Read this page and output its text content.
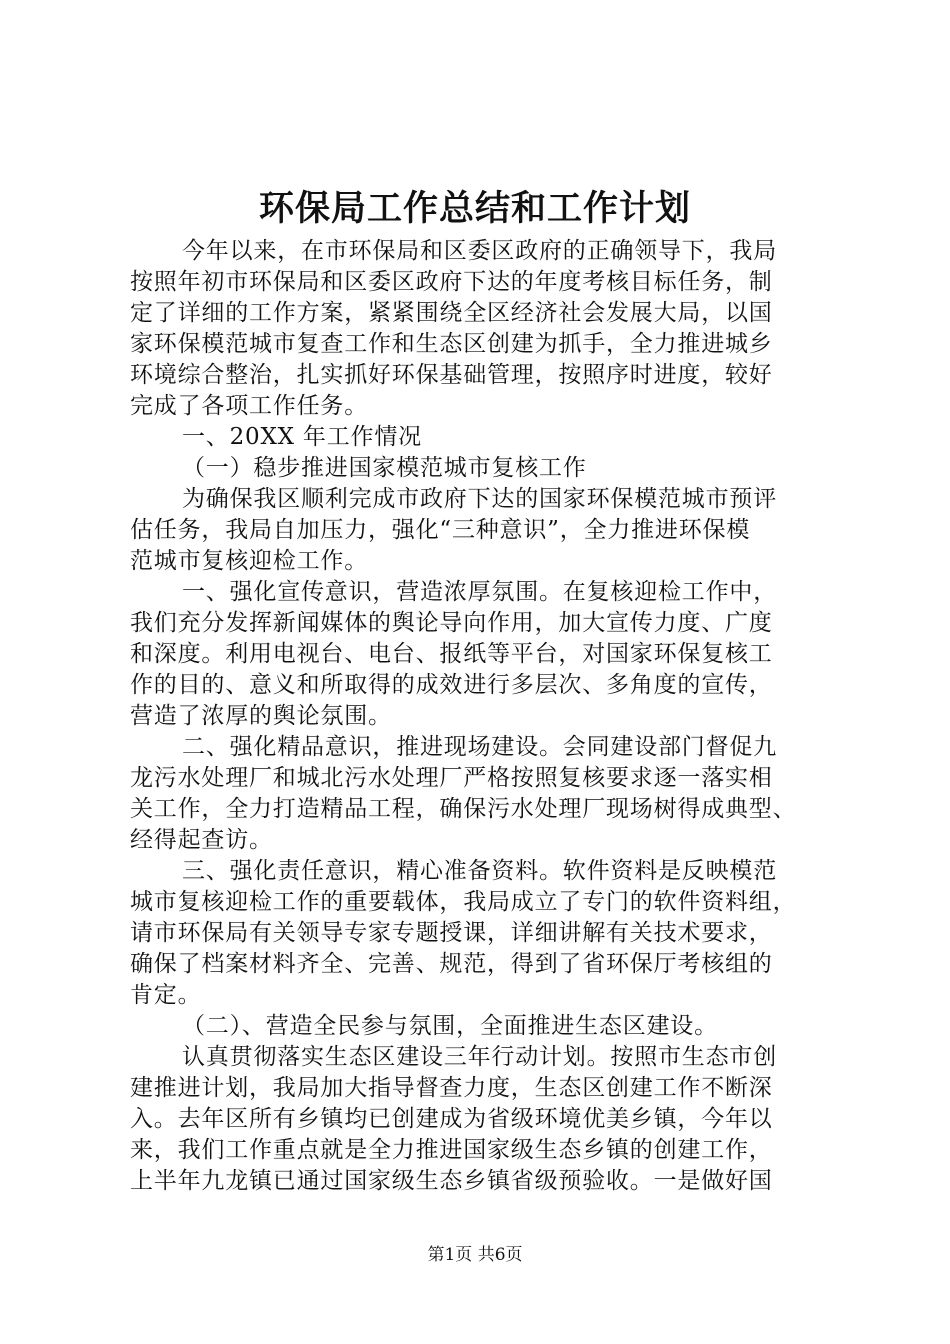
环保局工作总结和工作计划
今年以来，在市环保局和区委区政府的正确领导下，我局
按照年初市环保局和区委区政府下达的年度考核目标任务，制
定了详细的工作方案，紧紧围绕全区经济社会发展大局，以国
家环保模范城市复查工作和生态区创建为抓手，全力推进城乡
环境综合整治，扎实抓好环保基础管理，按照序时进度，较好
完成了各项工作任务。
一、20XX 年工作情况
（一）稳步推进国家模范城市复核工作
为确保我区顺利完成市政府下达的国家环保模范城市预评
估任务，我局自加压力，强化“三种意识”，全力推进环保模
范城市复核迎检工作。
一、强化宣传意识，营造浓厚氛围。在复核迎检工作中，
我们充分发挥新闻媒体的舆论导向作用，加大宣传力度、广度
和深度。利用电视台、电台、报纸等平台，对国家环保复核工
作的目的、意义和所取得的成效进行多层次、多角度的宣传，
营造了浓厚的舆论氛围。
二、强化精品意识，推进现场建设。会同建设部门督促九
龙污水处理厂和城北污水处理厂严格按照复核要求逐一落实相
关工作，全力打造精品工程，确保污水处理厂现场树得成典型、
经得起查访。
三、强化责任意识，精心准备资料。软件资料是反映模范
城市复核迎检工作的重要载体，我局成立了专门的软件资料组，
请市环保局有关领导专家专题授课，详细讲解有关技术要求，
确保了档案材料齐全、完善、规范，得到了省环保厅考核组的
肯定。
（二）、营造全民参与氛围，全面推进生态区建设。
认真贯彻落实生态区建设三年行动计划。按照市生态市创
建推进计划，我局加大指导督查力度，生态区创建工作不断深
入。去年区所有乡镇均已创建成为省级环境优美乡镇，今年以
来，我们工作重点就是全力推进国家级生态乡镇的创建工作，
上半年九龙镇已通过国家级生态乡镇省级预验收。一是做好国
第1页 共6页
